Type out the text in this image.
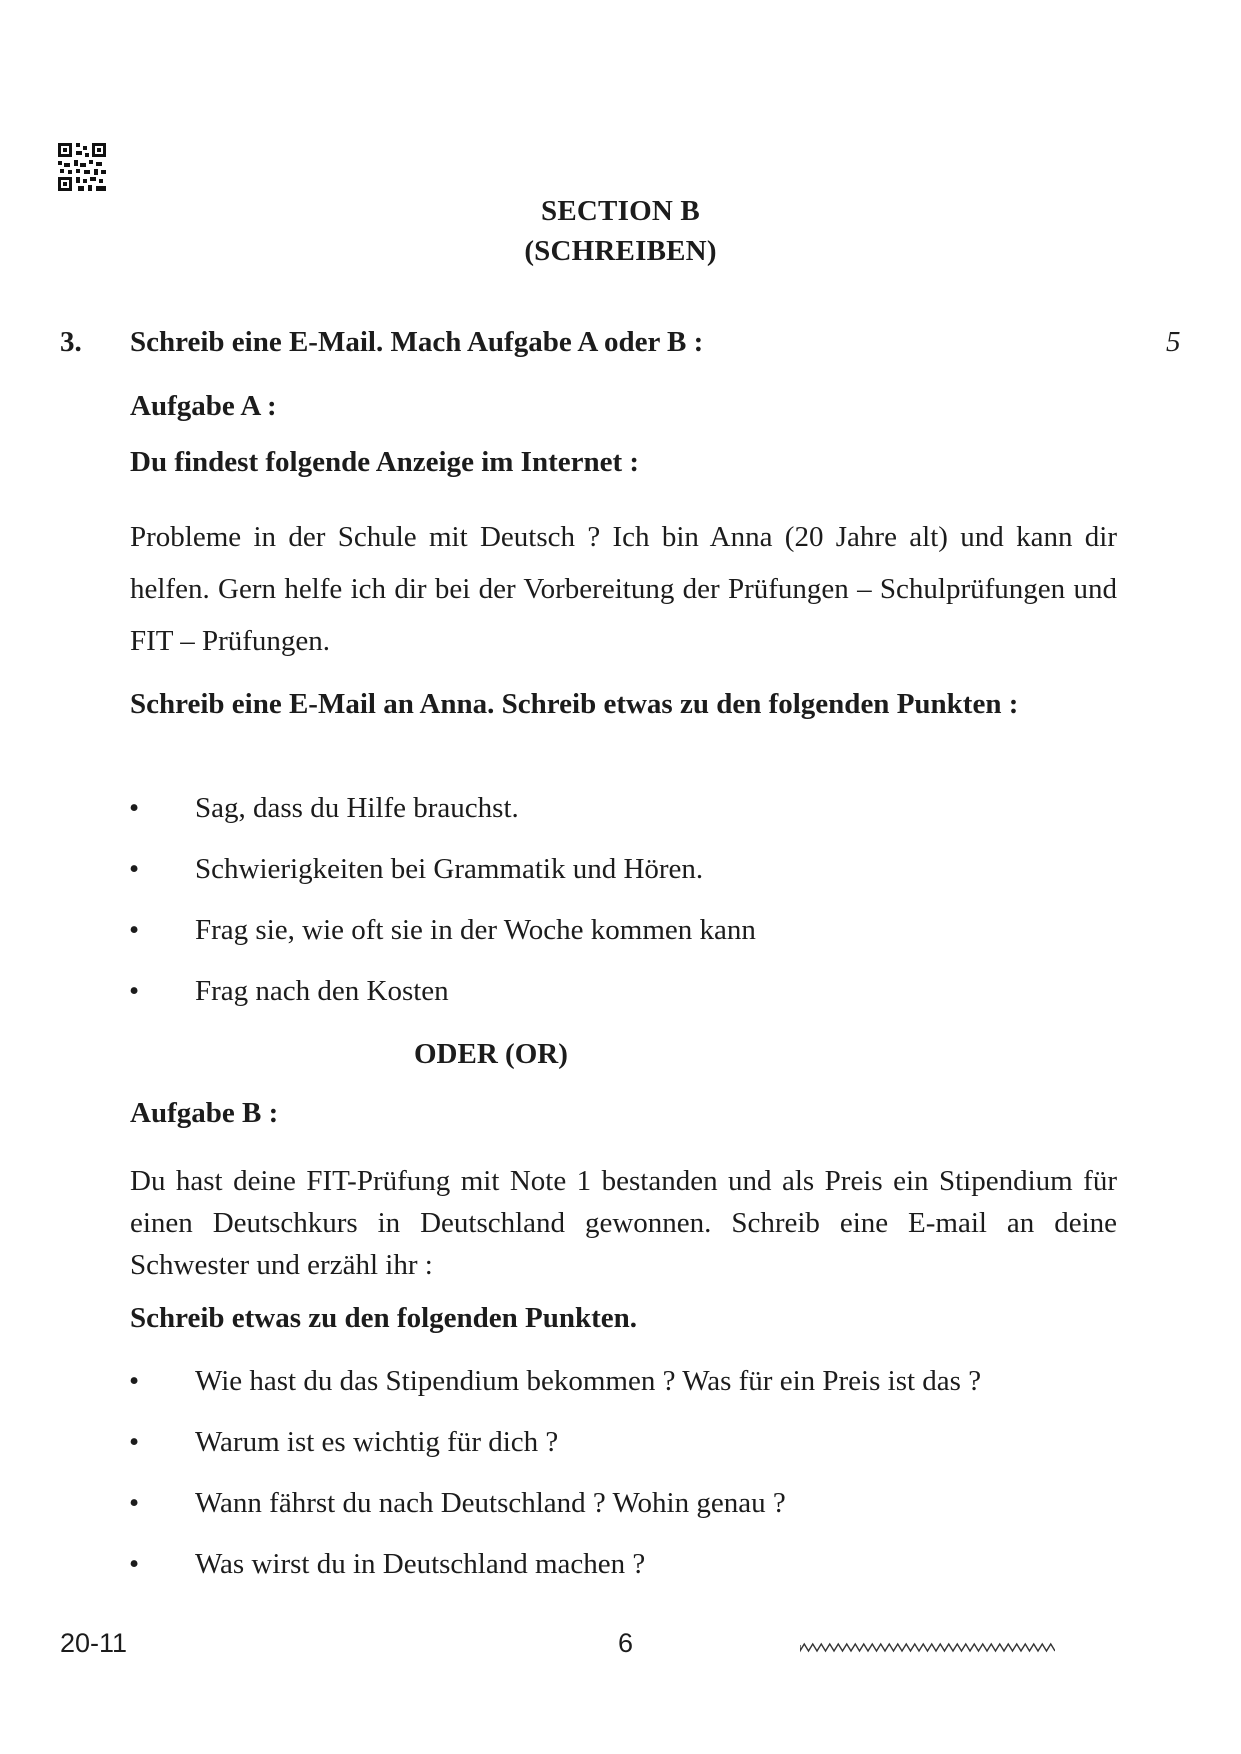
SECTION B
(SCHREIBEN)
3. Schreib eine E-Mail. Mach Aufgabe A oder B :	5
Aufgabe A :
Du findest folgende Anzeige im Internet :
Probleme in der Schule mit Deutsch ? Ich bin Anna (20 Jahre alt) und kann dir helfen. Gern helfe ich dir bei der Vorbereitung der Prüfungen – Schulprüfungen und FIT – Prüfungen.
Schreib eine E-Mail an Anna. Schreib etwas zu den folgenden Punkten :
• Sag, dass du Hilfe brauchst.
• Schwierigkeiten bei Grammatik und Hören.
• Frag sie, wie oft sie in der Woche kommen kann
• Frag nach den Kosten
ODER (OR)
Aufgabe B :
Du hast deine FIT-Prüfung mit Note 1 bestanden und als Preis ein Stipendium für einen Deutschkurs in Deutschland gewonnen. Schreib eine E-mail an deine Schwester und erzähl ihr :
Schreib etwas zu den folgenden Punkten.
• Wie hast du das Stipendium bekommen ? Was für ein Preis ist das ?
• Warum ist es wichtig für dich ?
• Wann fährst du nach Deutschland ? Wohin genau ?
• Was wirst du in Deutschland machen ?
20-11	6
